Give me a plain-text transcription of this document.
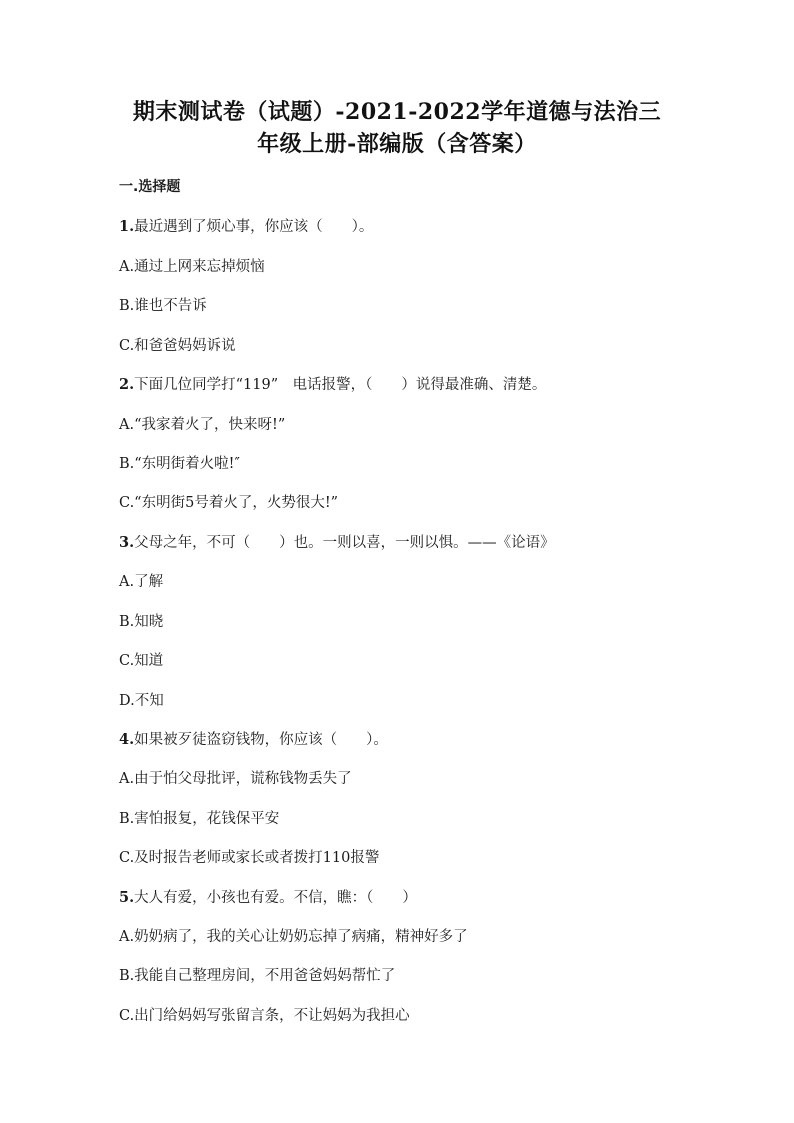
期末测试卷（试题）-2021-2022学年道德与法治三
年级上册-部编版（含答案）
一.选择题
1.最近遇到了烦心事，你应该（　　）。
A.通过上网来忘掉烦恼
B.谁也不告诉
C.和爸爸妈妈诉说
2.下面几位同学打“119”　电话报警，（　　）说得最准确、清楚。
A.“我家着火了，快来呀!”
B.“东明街着火啦!″
C.“东明街5号着火了，火势很大!”
3.父母之年，不可（　　）也。一则以喜，一则以惧。——《论语》
A.了解
B.知晓
C.知道
D.不知
4.如果被歹徒盗窃钱物，你应该（　　）。
A.由于怕父母批评，谎称钱物丢失了
B.害怕报复，花钱保平安
C.及时报告老师或家长或者拨打110报警
5.大人有爱，小孩也有爱。不信，瞧：（　　）
A.奶奶病了，我的关心让奶奶忘掉了病痛，精神好多了
B.我能自己整理房间，不用爸爸妈妈帮忙了
C.出门给妈妈写张留言条，不让妈妈为我担心
